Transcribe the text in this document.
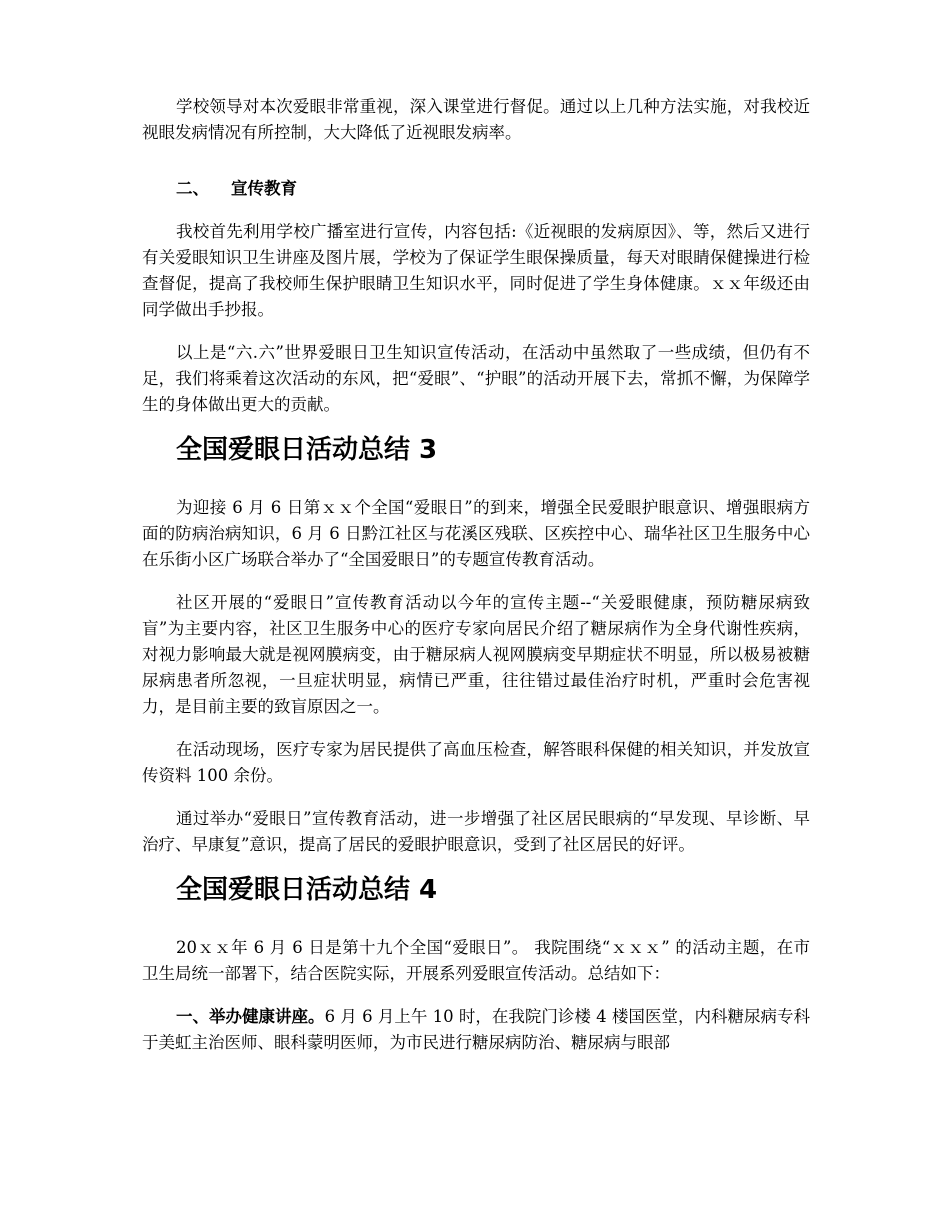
学校领导对本次爱眼非常重视，深入课堂进行督促。通过以上几种方法实施，对我校近视眼发病情况有所控制，大大降低了近视眼发病率。

二、 宣传教育

我校首先利用学校广播室进行宣传，内容包括:《近视眼的发病原因》、等，然后又进行有关爱眼知识卫生讲座及图片展，学校为了保证学生眼保操质量，每天对眼睛保健操进行检查督促，提高了我校师生保护眼睛卫生知识水平，同时促进了学生身体健康。ｘｘ年级还由同学做出手抄报。

以上是“六.六”世界爱眼日卫生知识宣传活动，在活动中虽然取了一些成绩，但仍有不足，我们将乘着这次活动的东风，把“爱眼”、“护眼”的活动开展下去，常抓不懈，为保障学生的身体做出更大的贡献。

全国爱眼日活动总结 3

为迎接 6 月 6 日第ｘｘ个全国“爱眼日”的到来，增强全民爱眼护眼意识、增强眼病方面的防病治病知识，6 月 6 日黔江社区与花溪区残联、区疾控中心、瑞华社区卫生服务中心在乐街小区广场联合举办了“全国爱眼日”的专题宣传教育活动。

社区开展的“爱眼日”宣传教育活动以今年的宣传主题--“关爱眼健康，预防糖尿病致盲”为主要内容，社区卫生服务中心的医疗专家向居民介绍了糖尿病作为全身代谢性疾病，对视力影响最大就是视网膜病变，由于糖尿病人视网膜病变早期症状不明显，所以极易被糖尿病患者所忽视，一旦症状明显，病情已严重，往往错过最佳治疗时机，严重时会危害视力，是目前主要的致盲原因之一。

在活动现场，医疗专家为居民提供了高血压检查，解答眼科保健的相关知识，并发放宣传资料 100 余份。

通过举办“爱眼日”宣传教育活动，进一步增强了社区居民眼病的“早发现、早诊断、早治疗、早康复”意识，提高了居民的爱眼护眼意识，受到了社区居民的好评。

全国爱眼日活动总结 4

20ｘｘ年 6 月 6 日是第十九个全国“爱眼日”。 我院围绕“ｘｘｘ” 的活动主题，在市卫生局统一部署下，结合医院实际，开展系列爱眼宣传活动。总结如下：

一、举办健康讲座。6 月 6 月上午 10 时，在我院门诊楼 4 楼国医堂，内科糖尿病专科于美虹主治医师、眼科蒙明医师，为市民进行糖尿病防治、糖尿病与眼部
